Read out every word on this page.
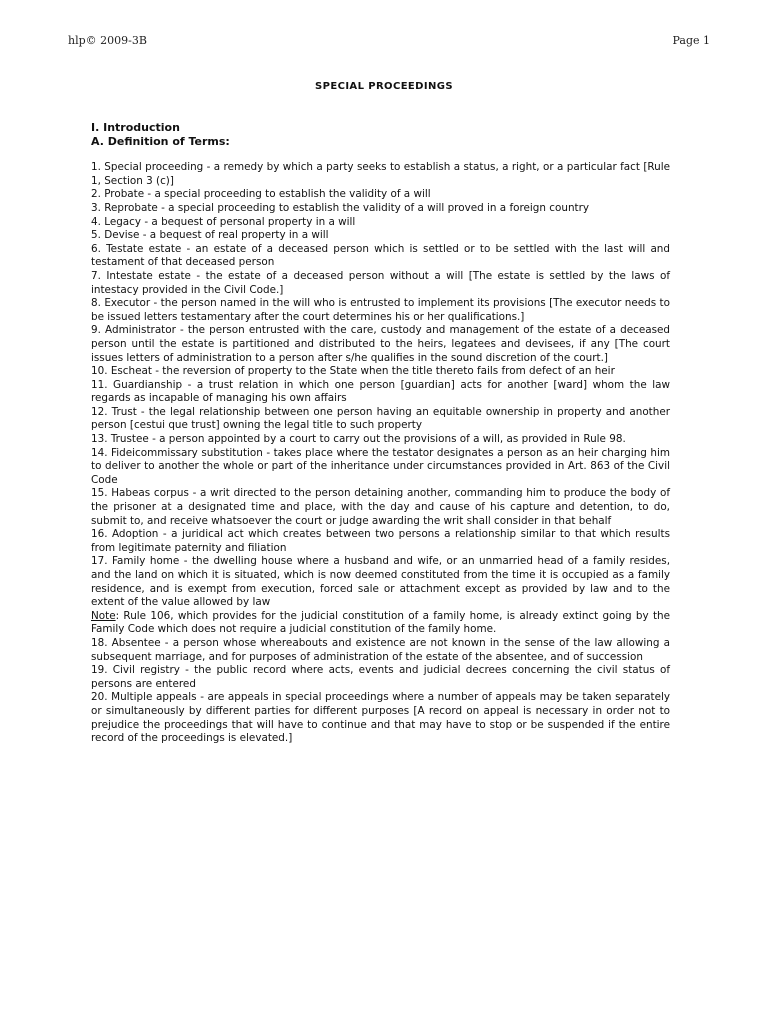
hlp© 2009-3B	Page 1
SPECIAL PROCEEDINGS
I. Introduction
A. Definition of Terms:
1. Special proceeding - a remedy by which a party seeks to establish a status, a right, or a particular fact [Rule 1, Section 3 (c)]
2. Probate - a special proceeding to establish the validity of a will
3. Reprobate - a special proceeding to establish the validity of a will proved in a foreign country
4. Legacy - a bequest of personal property in a will
5. Devise - a bequest of real property in a will
6. Testate estate - an estate of a deceased person which is settled or to be settled with the last will and testament of that deceased person
7. Intestate estate - the estate of a deceased person without a will [The estate is settled by the laws of intestacy provided in the Civil Code.]
8. Executor - the person named in the will who is entrusted to implement its provisions [The executor needs to be issued letters testamentary after the court determines his or her qualifications.]
9. Administrator - the person entrusted with the care, custody and management of the estate of a deceased person until the estate is partitioned and distributed to the heirs, legatees and devisees, if any [The court issues letters of administration to a person after s/he qualifies in the sound discretion of the court.]
10. Escheat - the reversion of property to the State when the title thereto fails from defect of an heir
11. Guardianship - a trust relation in which one person [guardian] acts for another [ward] whom the law regards as incapable of managing his own affairs
12. Trust - the legal relationship between one person having an equitable ownership in property and another person [cestui que trust] owning the legal title to such property
13. Trustee - a person appointed by a court to carry out the provisions of a will, as provided in Rule 98.
14. Fideicommissary substitution - takes place where the testator designates a person as an heir charging him to deliver to another the whole or part of the inheritance under circumstances provided in Art. 863 of the Civil Code
15. Habeas corpus - a writ directed to the person detaining another, commanding him to produce the body of the prisoner at a designated time and place, with the day and cause of his capture and detention, to do, submit to, and receive whatsoever the court or judge awarding the writ shall consider in that behalf
16. Adoption - a juridical act which creates between two persons a relationship similar to that which results from legitimate paternity and filiation
17. Family home - the dwelling house where a husband and wife, or an unmarried head of a family resides, and the land on which it is situated, which is now deemed constituted from the time it is occupied as a family residence, and is exempt from execution, forced sale or attachment except as provided by law and to the extent of the value allowed by law
Note: Rule 106, which provides for the judicial constitution of a family home, is already extinct going by the Family Code which does not require a judicial constitution of the family home.
18. Absentee - a person whose whereabouts and existence are not known in the sense of the law allowing a subsequent marriage, and for purposes of administration of the estate of the absentee, and of succession
19. Civil registry - the public record where acts, events and judicial decrees concerning the civil status of persons are entered
20. Multiple appeals - are appeals in special proceedings where a number of appeals may be taken separately or simultaneously by different parties for different purposes [A record on appeal is necessary in order not to prejudice the proceedings that will have to continue and that may have to stop or be suspended if the entire record of the proceedings is elevated.]
